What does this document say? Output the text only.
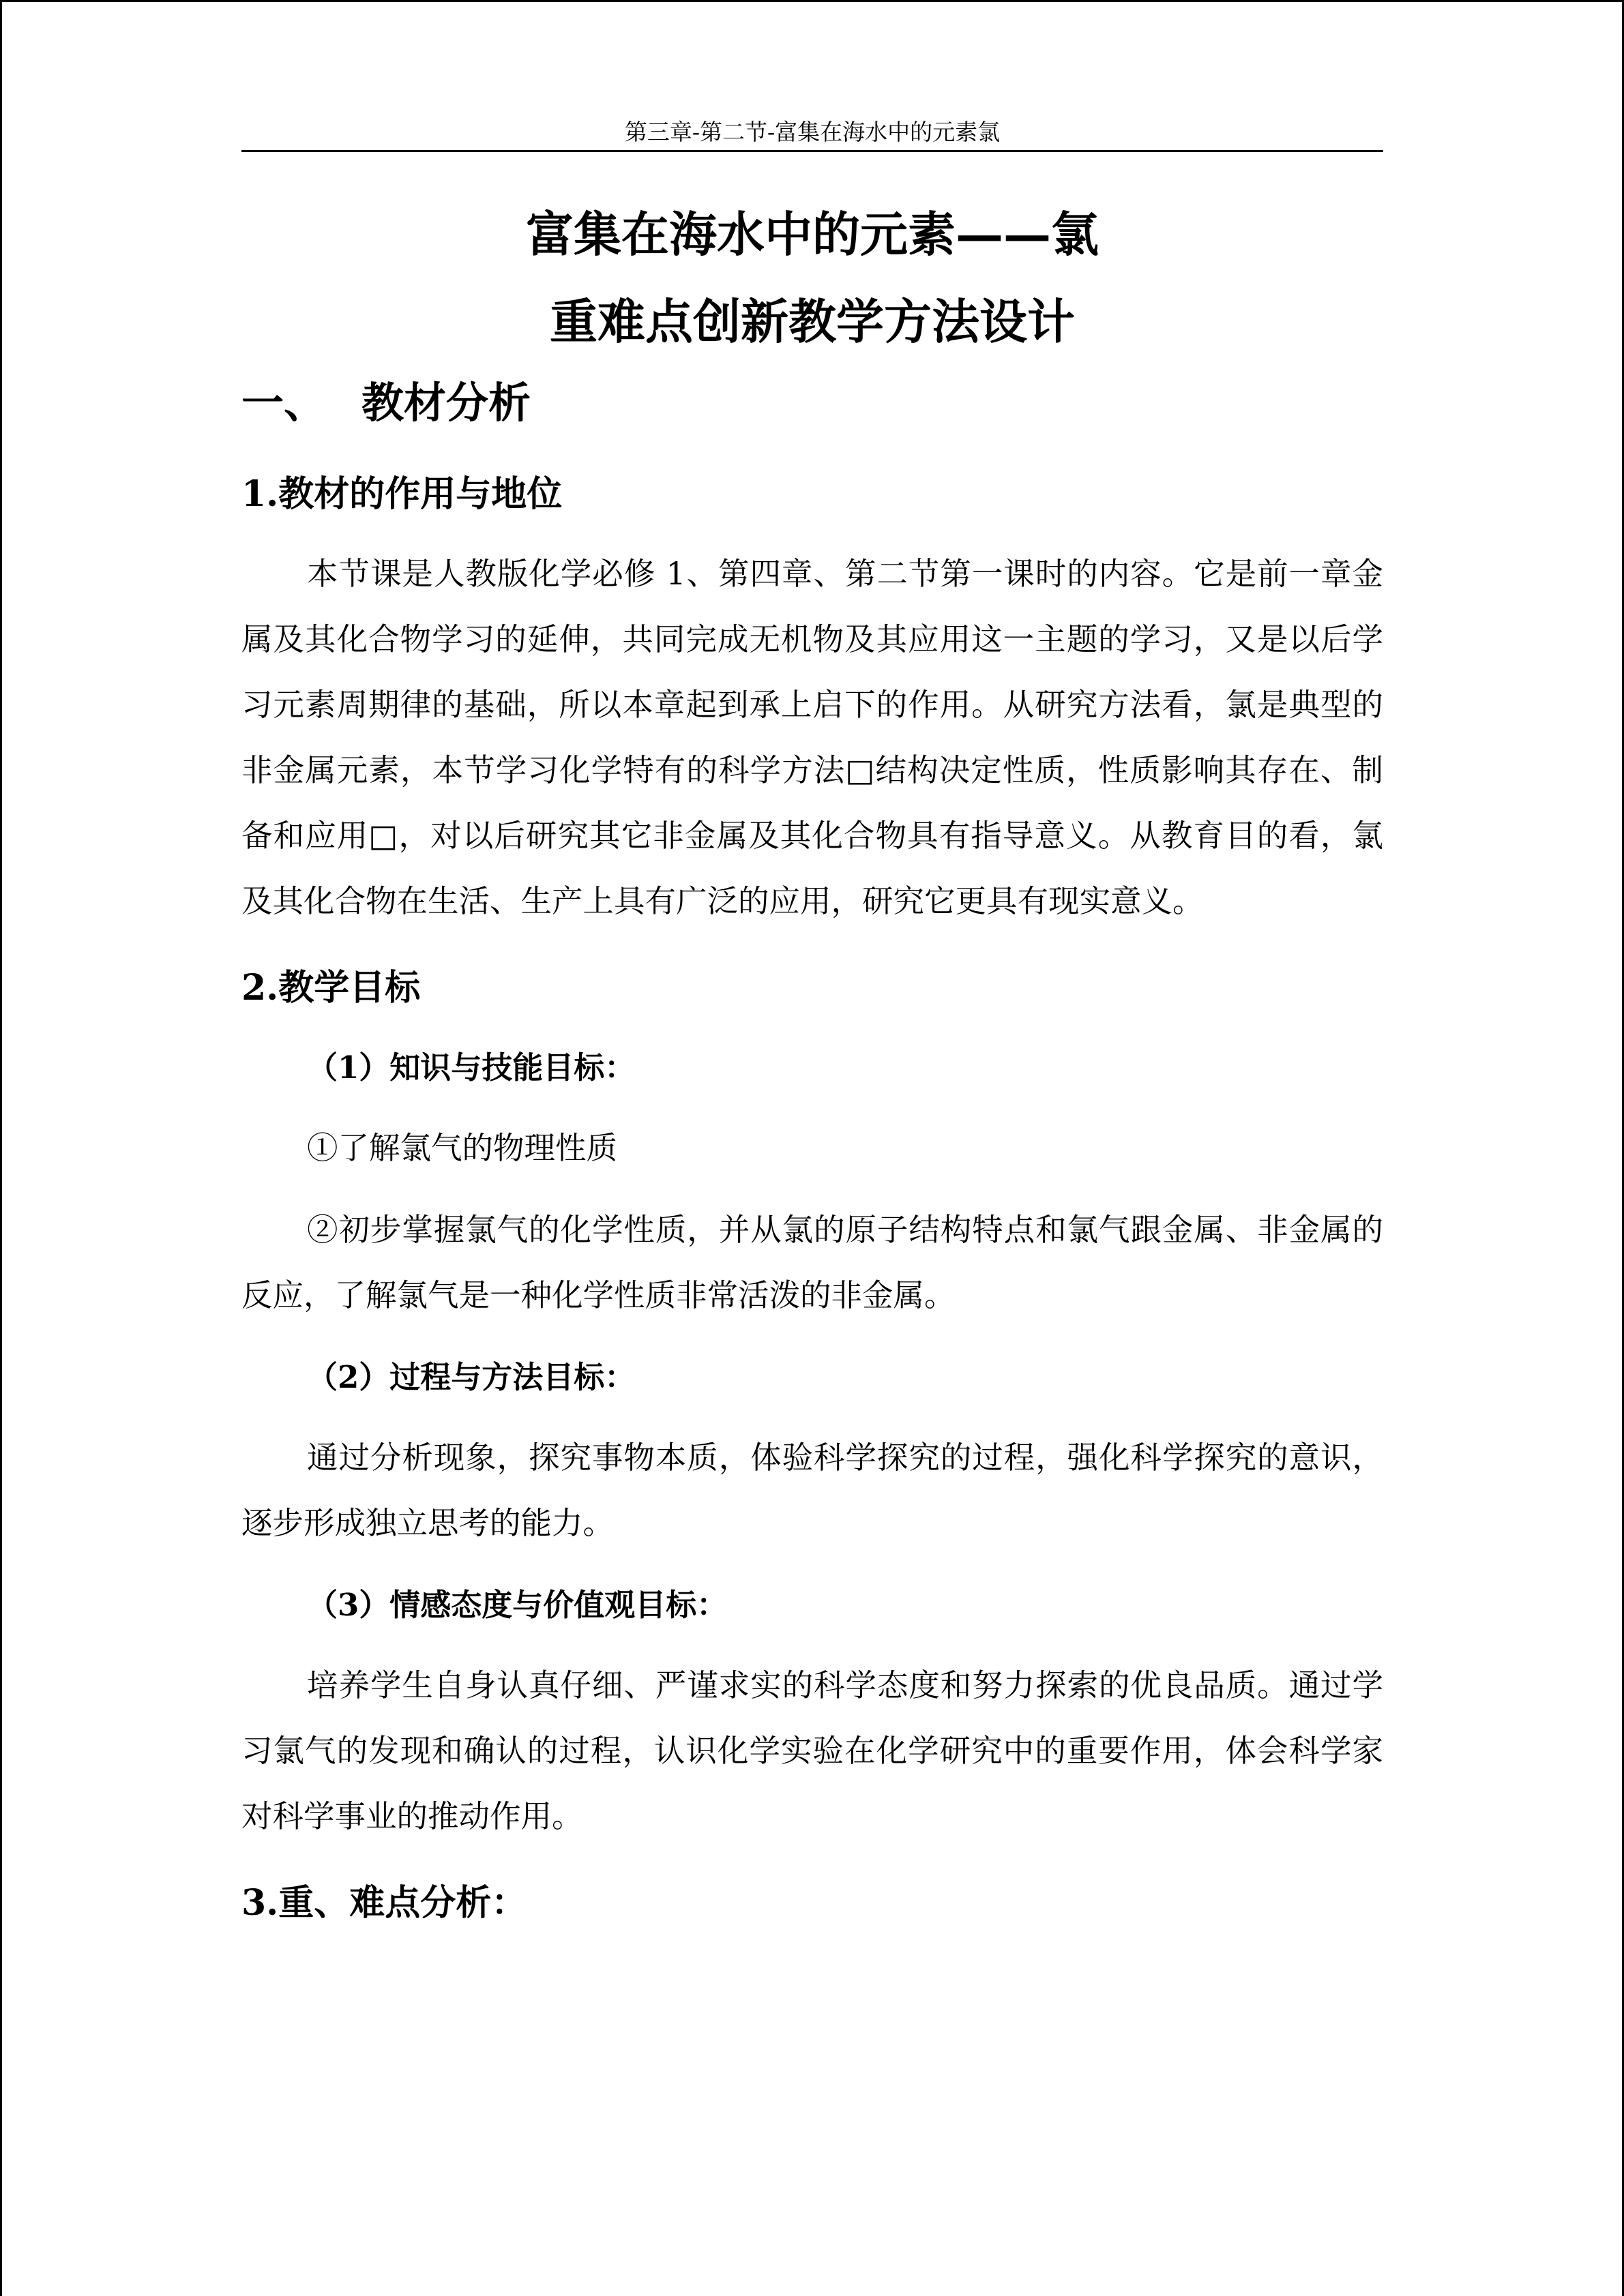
第三章-第二节-富集在海水中的元素氯
富集在海水中的元素——氯
重难点创新教学方法设计
一、 教材分析
1.教材的作用与地位

本节课是人教版化学必修 1、第四章、第二节第一课时的内容。它是前一章金属及其化合物学习的延伸，共同完成无机物及其应用这一主题的学习，又是以后学习元素周期律的基础，所以本章起到承上启下的作用。从研究方法看，氯是典型的非金属元素，本节学习化学特有的科学方法□结构决定性质，性质影响其存在、制备和应用□，对以后研究其它非金属及其化合物具有指导意义。从教育目的看，氯及其化合物在生活、生产上具有广泛的应用，研究它更具有现实意义。

2.教学目标
（1）知识与技能目标：

①了解氯气的物理性质

②初步掌握氯气的化学性质，并从氯的原子结构特点和氯气跟金属、非金属的反应，了解氯气是一种化学性质非常活泼的非金属。

（2）过程与方法目标：

通过分析现象，探究事物本质，体验科学探究的过程，强化科学探究的意识，逐步形成独立思考的能力。

（3）情感态度与价值观目标：

培养学生自身认真仔细、严谨求实的科学态度和努力探索的优良品质。通过学习氯气的发现和确认的过程，认识化学实验在化学研究中的重要作用，体会科学家对科学事业的推动作用。

3.重、难点分析：
